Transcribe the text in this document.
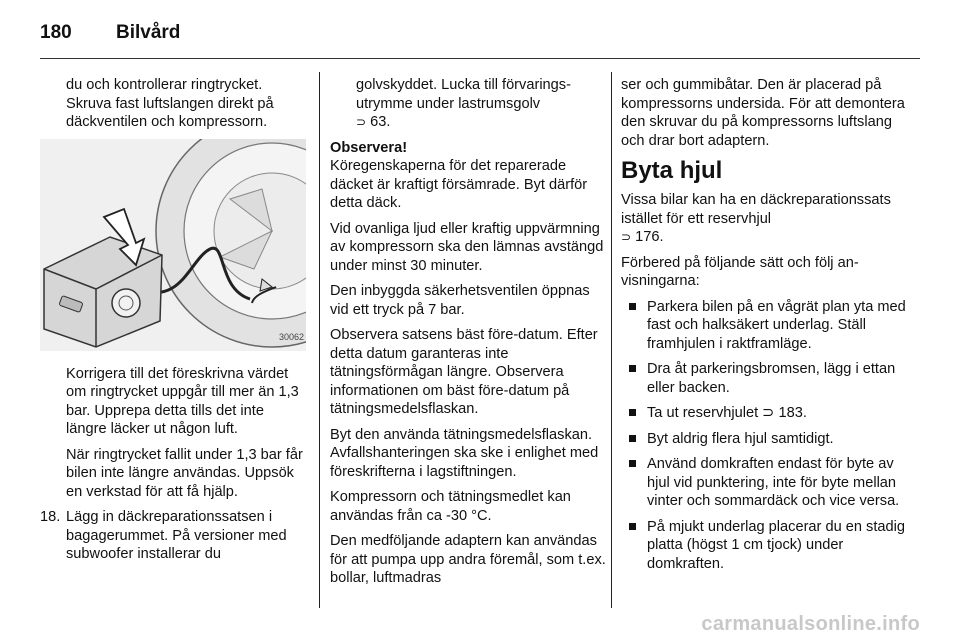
180 Bilvård

du och kontrollerar ringtrycket. Skruva fast luftslangen direkt på däckventilen och kompressorn.

30062

Korrigera till det föreskrivna värdet om ringtrycket uppgår till mer än 1,3 bar. Upprepa detta tills det inte längre läcker ut någon luft.

När ringtrycket fallit under 1,3 bar får bilen inte längre användas. Uppsök en verkstad för att få hjälp.

18. Lägg in däckreparationssatsen i bagagerummet. På versioner med subwoofer installerar du

golvskyddet. Lucka till förvaringsutrymme under lastrumsgolv
⊃ 63.

Observera!
Köregenskaperna för det reparerade däcket är kraftigt försämrade. Byt därför detta däck.

Vid ovanliga ljud eller kraftig uppvärmning av kompressorn ska den lämnas avstängd under minst 30 minuter.

Den inbyggda säkerhetsventilen öppnas vid ett tryck på 7 bar.

Observera satsens bäst före-datum. Efter detta datum garanteras inte tätningsförmågan längre. Observera informationen om bäst före-datum på tätningsmedelsflaskan.

Byt den använda tätningsmedelsflaskan. Avfallshanteringen ska ske i enlighet med föreskrifterna i lagstiftningen.

Kompressorn och tätningsmedlet kan användas från ca -30 °C.

Den medföljande adaptern kan användas för att pumpa upp andra föremål, som t.ex. bollar, luftmadras

ser och gummibåtar. Den är placerad på kompressorns undersida. För att demontera den skruvar du på kompressorns luftslang och drar bort adaptern.

Byta hjul

Vissa bilar kan ha en däckreparationssats istället för ett reservhjul
⊃ 176.

Förbered på följande sätt och följ anvisningarna:

Parkera bilen på en vågrät plan yta med fast och halksäkert underlag. Ställ framhjulen i raktframläge.
Dra åt parkeringsbromsen, lägg i ettan eller backen.
Ta ut reservhjulet ⊃ 183.
Byt aldrig flera hjul samtidigt.
Använd domkraften endast för byte av hjul vid punktering, inte för byte mellan vinter och sommardäck och vice versa.
På mjukt underlag placerar du en stadig platta (högst 1 cm tjock) under domkraften.
carmanualsonline.info
